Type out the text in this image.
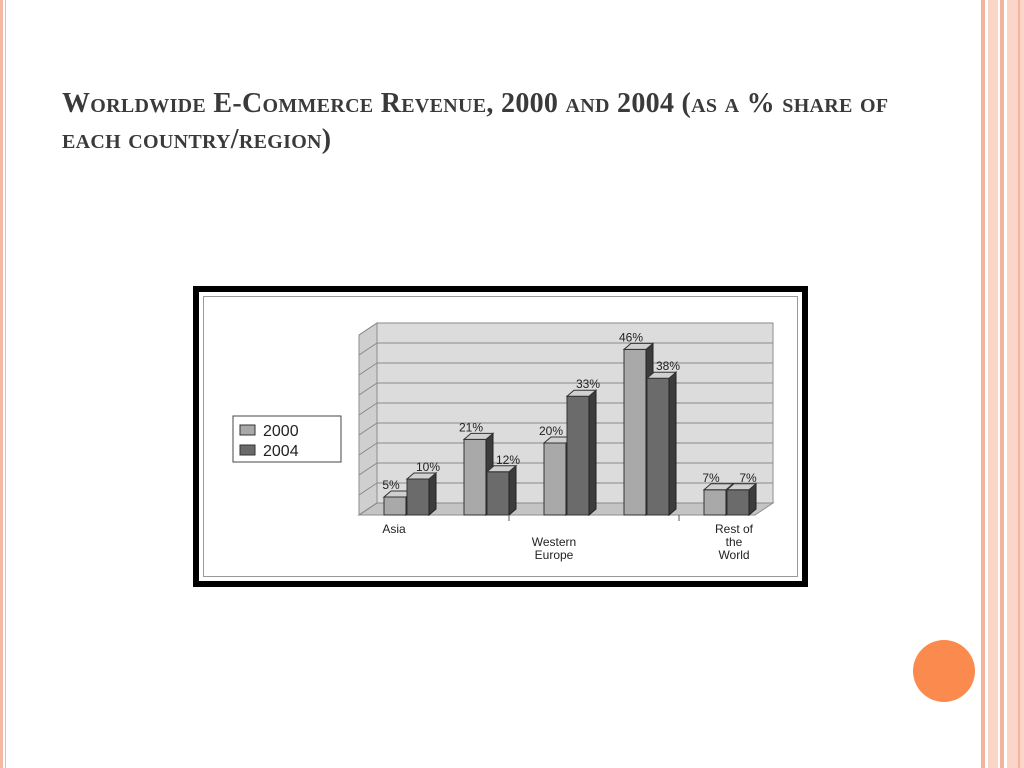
Worldwide E-Commerce Revenue, 2000 and 2004 (as a % share of each country/region)
5%
10%
21%
12%
20%
33%
46%
38%
7% 7%
Asia
Western
Europe
Rest of
the
World
2000
2004
